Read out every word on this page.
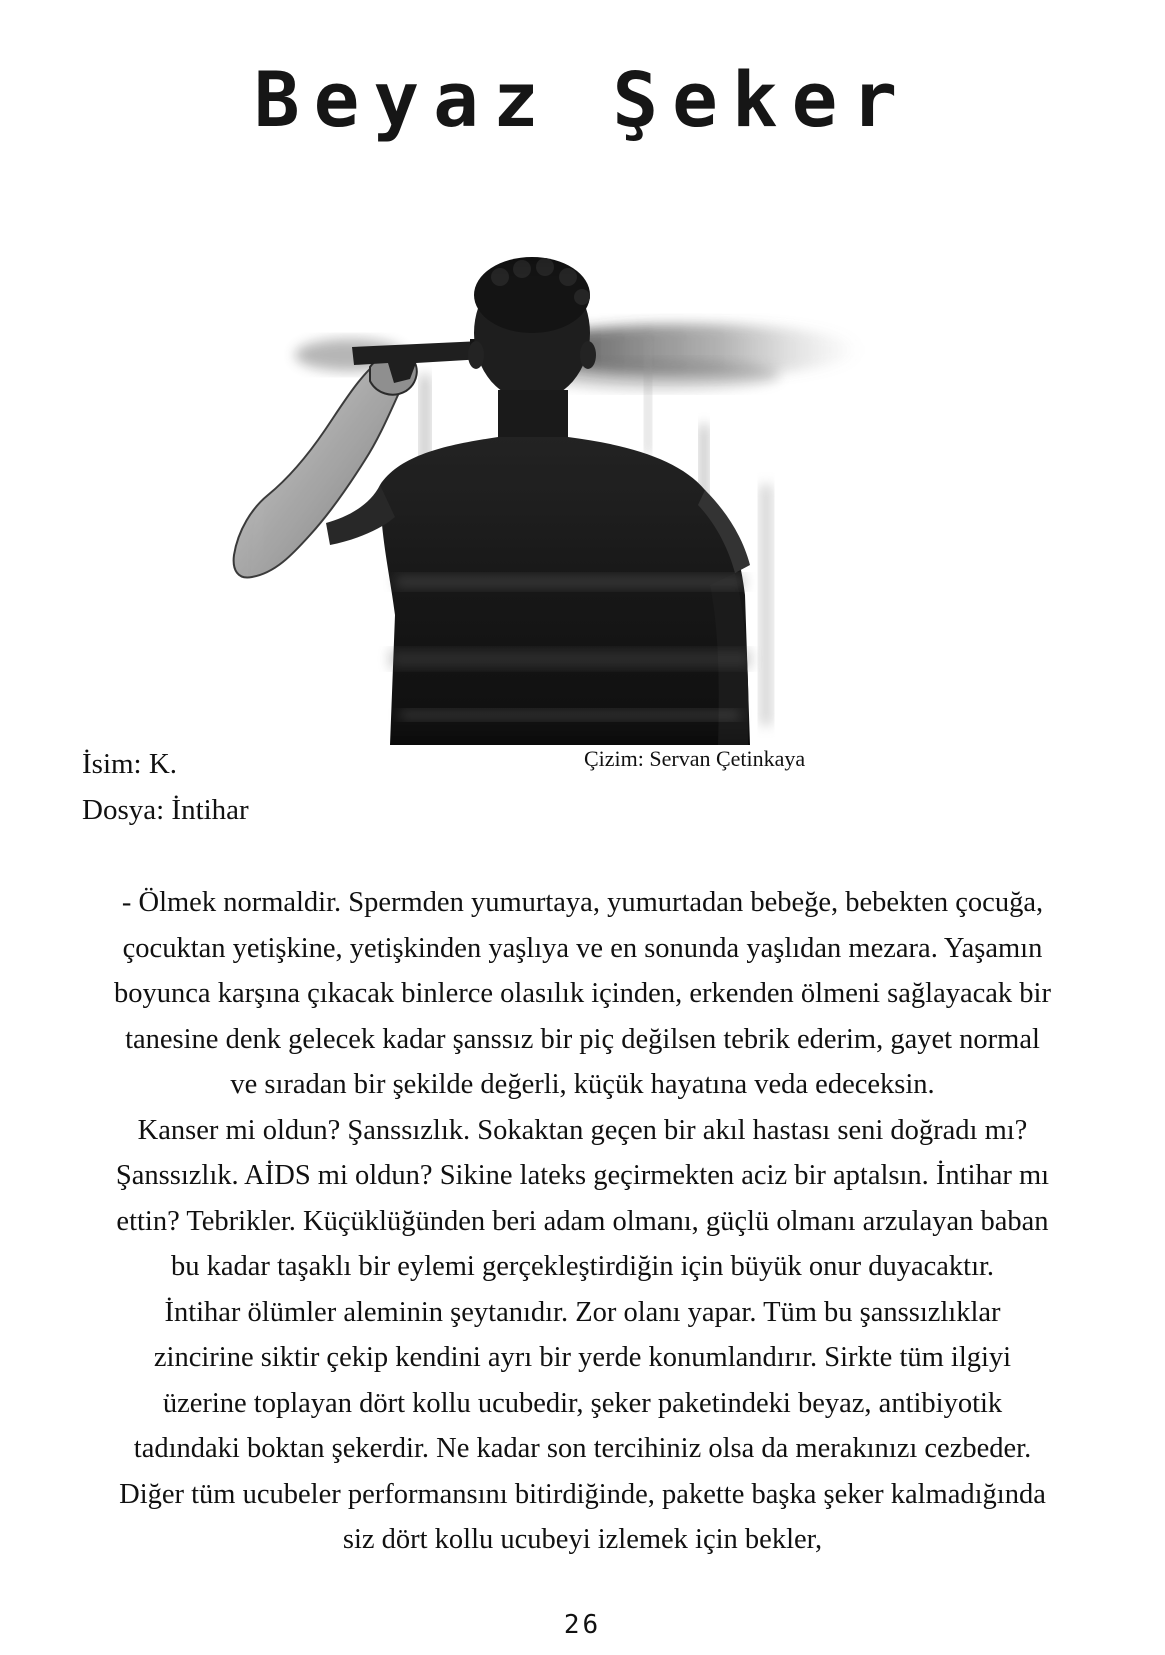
Beyaz Şeker
Çizim: Servan Çetinkaya
İsim: K.
Dosya: İntihar
- Ölmek normaldir. Spermden yumurtaya, yumurtadan bebeğe, bebekten çocuğa,
çocuktan yetişkine, yetişkinden yaşlıya ve en sonunda yaşlıdan mezara. Yaşamın
boyunca karşına çıkacak binlerce olasılık içinden, erkenden ölmeni sağlayacak bir
tanesine denk gelecek kadar şanssız bir piç değilsen tebrik ederim, gayet normal
ve sıradan bir şekilde değerli, küçük hayatına veda edeceksin.
Kanser mi oldun? Şanssızlık. Sokaktan geçen bir akıl hastası seni doğradı mı?
Şanssızlık. AİDS mi oldun? Sikine lateks geçirmekten aciz bir aptalsın. İntihar mı
ettin? Tebrikler. Küçüklüğünden beri adam olmanı, güçlü olmanı arzulayan baban
bu kadar taşaklı bir eylemi gerçekleştirdiğin için büyük onur duyacaktır.
İntihar ölümler aleminin şeytanıdır. Zor olanı yapar. Tüm bu şanssızlıklar
zincirine siktir çekip kendini ayrı bir yerde konumlandırır. Sirkte tüm ilgiyi
üzerine toplayan dört kollu ucubedir, şeker paketindeki beyaz, antibiyotik
tadındaki boktan şekerdir. Ne kadar son tercihiniz olsa da merakınızı cezbeder.
Diğer tüm ucubeler performansını bitirdiğinde, pakette başka şeker kalmadığında
siz dört kollu ucubeyi izlemek için bekler,
26
